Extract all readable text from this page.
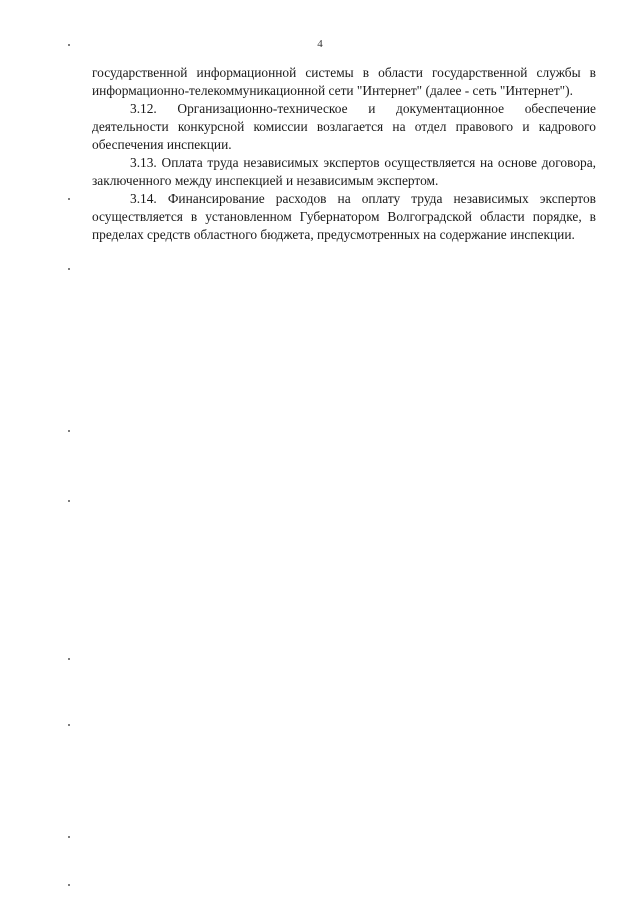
4

государственной информационной системы в области государственной службы в информационно-телекоммуникационной сети "Интернет" (далее - сеть "Интернет").

3.12. Организационно-техническое и документационное обеспечение деятельности конкурсной комиссии возлагается на отдел правового и кадрового обеспечения инспекции.

3.13. Оплата труда независимых экспертов осуществляется на основе договора, заключенного между инспекцией и независимым экспертом.

3.14. Финансирование расходов на оплату труда независимых экспертов осуществляется в установленном Губернатором Волгоградской области порядке, в пределах средств областного бюджета, предусмотренных на содержание инспекции.
